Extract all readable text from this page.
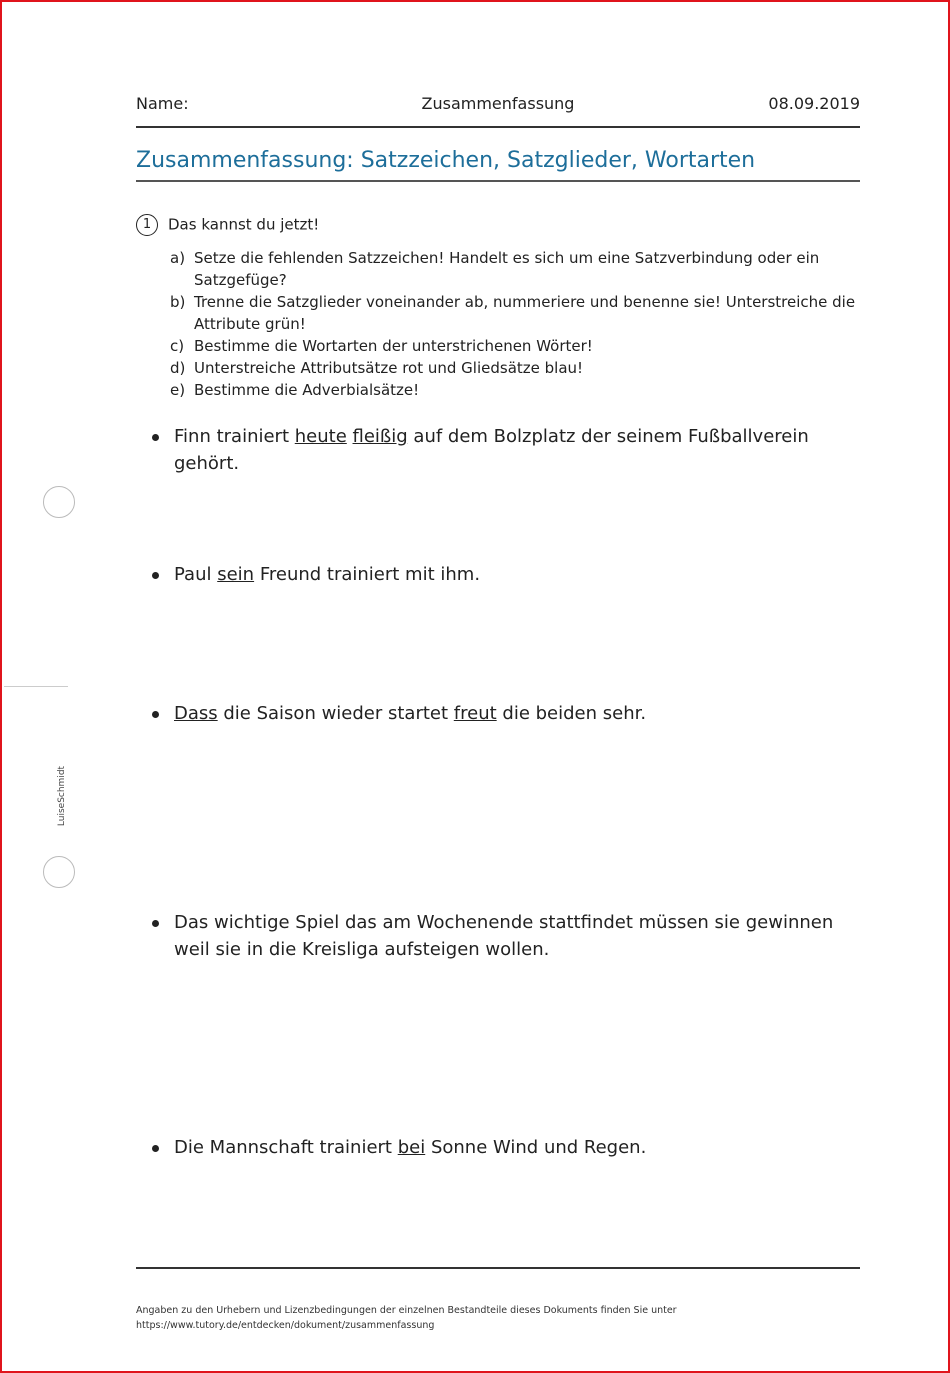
Name:	Zusammenfassung	08.09.2019
Zusammenfassung: Satzzeichen, Satzglieder, Wortarten
1 Das kannst du jetzt!
a) Setze die fehlenden Satzzeichen! Handelt es sich um eine Satzverbindung oder ein Satzgefüge?
b) Trenne die Satzglieder voneinander ab, nummeriere und benenne sie! Unterstreiche die Attribute grün!
c) Bestimme die Wortarten der unterstrichenen Wörter!
d) Unterstreiche Attributsätze rot und Gliedsätze blau!
e) Bestimme die Adverbialsätze!
Finn trainiert heute fleißig auf dem Bolzplatz der seinem Fußballverein gehört.
Paul sein Freund trainiert mit ihm.
Dass die Saison wieder startet freut die beiden sehr.
Das wichtige Spiel das am Wochenende stattfindet müssen sie gewinnen weil sie in die Kreisliga aufsteigen wollen.
Die Mannschaft trainiert bei Sonne Wind und Regen.
LuiseSchmidt
Angaben zu den Urhebern und Lizenzbedingungen der einzelnen Bestandteile dieses Dokuments finden Sie unter
https://www.tutory.de/entdecken/dokument/zusammenfassung
